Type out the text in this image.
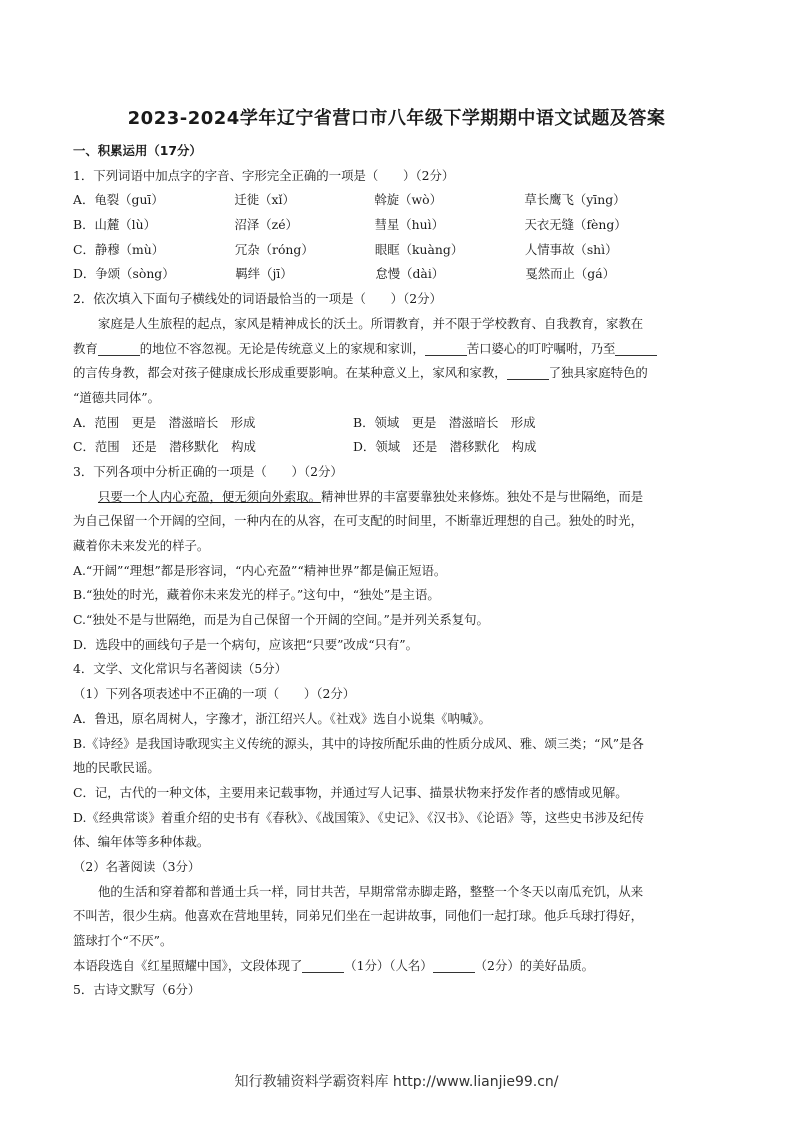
2023-2024学年辽宁省营口市八年级下学期期中语文试题及答案
一、积累运用（17分）
1．下列词语中加点字的字音、字形完全正确的一项是（　　）（2分）
A． 龟裂（guī）	迁徙（xǐ）	斡旋（wò）	草长鹰飞（yīng）
B． 山麓（lù）	沼泽（zé）	彗星（huì）	天衣无缝（fèng）
C． 静穆（mù）	冗杂（róng）	眼眶（kuàng）	人情事故（shì）
D． 争颂（sòng）	羁绊（jī）	怠慢（dài）	戛然而止（gá）
2．依次填入下面句子横线处的词语最恰当的一项是（　　）（2分）
家庭是人生旅程的起点，家风是精神成长的沃土。所谓教育，并不限于学校教育、自我教育，家教在
教育	的地位不容忽视。无论是传统意义上的家规和家训，	苦口婆心的叮咛嘱咐，乃至
的言传身教，都会对孩子健康成长形成重要影响。在某种意义上，家风和家教，	了独具家庭特色的
“道德共同体”。
A．范围　更是　潜滋暗长　形成	B．领域　更是　潜滋暗长　形成
C．范围　还是　潜移默化　构成	D．领域　还是　潜移默化　构成
3．下列各项中分析正确的一项是（　　）（2分）
只要一个人内心充盈，便无须向外索取。精神世界的丰富要靠独处来修炼。独处不是与世隔绝，而是
为自己保留一个开阔的空间，一种内在的从容，在可支配的时间里，不断靠近理想的自己。独处的时光，
藏着你未来发光的样子。
A.“开阔”“理想”都是形容词，“内心充盈”“精神世界”都是偏正短语。
B.“独处的时光，藏着你未来发光的样子。”这句中，“独处”是主语。
C.“独处不是与世隔绝，而是为自己保留一个开阔的空间。”是并列关系复句。
D．选段中的画线句子是一个病句，应该把“只要”改成“只有”。
4．文学、文化常识与名著阅读（5分）
（1）下列各项表述中不正确的一项（　　）（2分）
A．鲁迅，原名周树人，字豫才，浙江绍兴人。《社戏》选自小说集《呐喊》。
B.《诗经》是我国诗歌现实主义传统的源头，其中的诗按所配乐曲的性质分成风、雅、颂三类；“风”是各
地的民歌民谣。
C．记，古代的一种文体，主要用来记载事物，并通过写人记事、描景状物来抒发作者的感情或见解。
D.《经典常谈》着重介绍的史书有《春秋》、《战国策》、《史记》、《汉书》、《论语》等，这些史书涉及纪传
体、编年体等多种体裁。
（2）名著阅读（3分）
他的生活和穿着都和普通士兵一样，同甘共苦，早期常常赤脚走路，整整一个冬天以南瓜充饥，从来
不叫苦，很少生病。他喜欢在营地里转，同弟兄们坐在一起讲故事，同他们一起打球。他乒乓球打得好，
篮球打个“不厌”。
本语段选自《红星照耀中国》，文段体现了	（1分）（人名）	（2分）的美好品质。
5．古诗文默写（6分）
知行教辅资料学霸资料库 http://www.lianjie99.cn/
